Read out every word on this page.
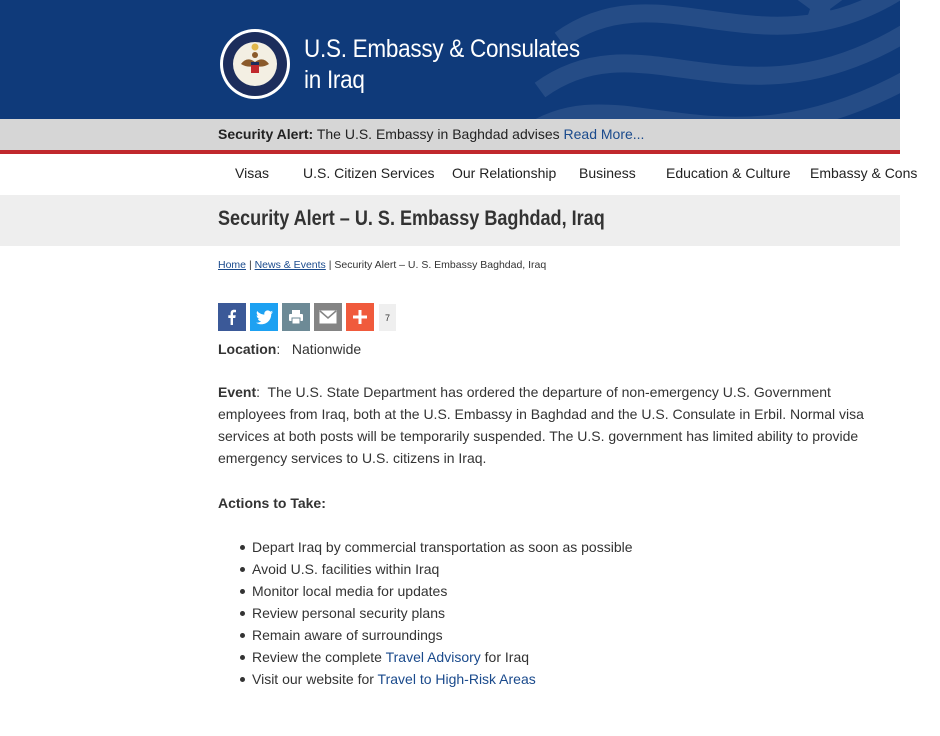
U.S. Embassy & Consulates
in Iraq
Security Alert: The U.S. Embassy in Baghdad advises Read More...
Visas U.S. Citizen Services Our Relationship Business Education & Culture Embassy & Cons
Security Alert – U. S. Embassy Baghdad, Iraq
Home | News & Events | Security Alert – U. S. Embassy Baghdad, Iraq
7
Location:   Nationwide
Event:  The U.S. State Department has ordered the departure of non-emergency U.S. Government employees from Iraq, both at the U.S. Embassy in Baghdad and the U.S. Consulate in Erbil. Normal visa services at both posts will be temporarily suspended. The U.S. government has limited ability to provide emergency services to U.S. citizens in Iraq.
Actions to Take:
Depart Iraq by commercial transportation as soon as possible
Avoid U.S. facilities within Iraq
Monitor local media for updates
Review personal security plans
Remain aware of surroundings
Review the complete Travel Advisory for Iraq
Visit our website for Travel to High-Risk Areas
